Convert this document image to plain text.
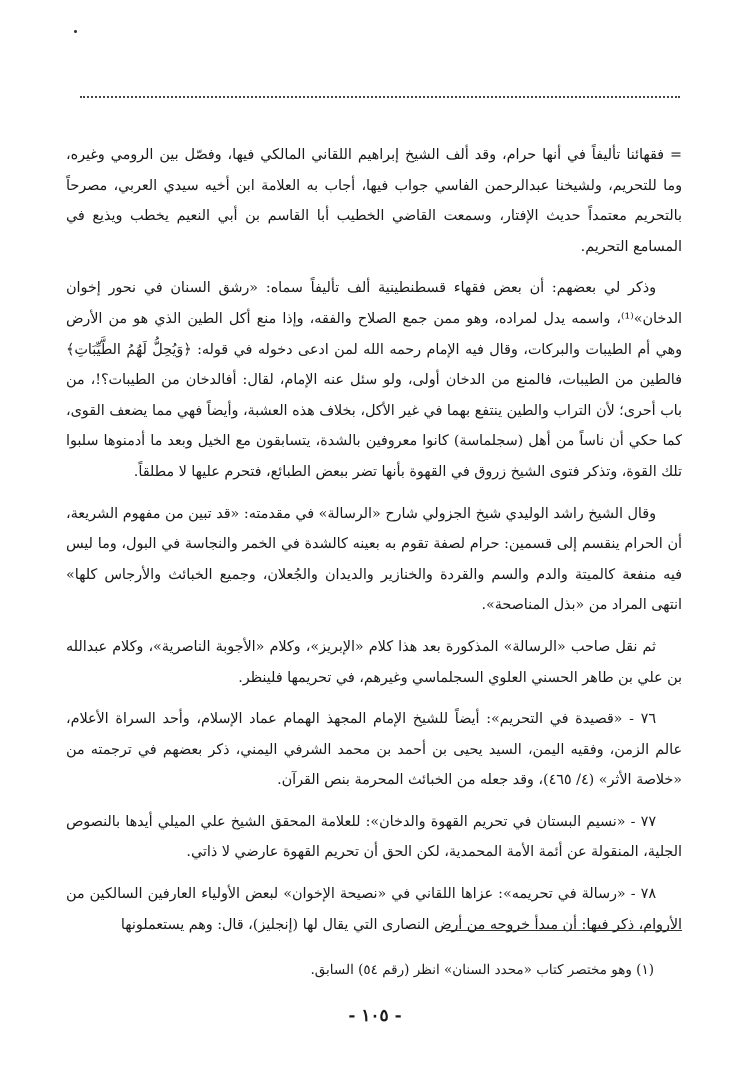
= فقهائنا تأليفاً في أنها حرام، وقد ألف الشيخ إبراهيم اللقاني المالكي فيها، وفصّل بين الرومي وغيره، وما للتحريم، ولشيخنا عبدالرحمن الفاسي جواب فيها، أجاب به العلامة ابن أخيه سيدي العربي، مصرحاً بالتحريم معتمداً حديث الإفتار، وسمعت القاضي الخطيب أبا القاسم بن أبي النعيم يخطب ويذيع في المسامع التحريم.

وذكر لي بعضهم: أن بعض فقهاء قسطنطينية ألف تأليفاً سماه: «رشق السنان في نحور إخوان الدخان»⁽¹⁾، واسمه يدل لمراده، وهو ممن جمع الصلاح والفقه، وإذا منع أكل الطين الذي هو من الأرض وهي أم الطيبات والبركات، وقال فيه الإمام رحمه الله لمن ادعى دخوله في قوله: ﴿وَيُحِلُّ لَهُمُ الطَّيِّبَاتِ﴾ فالطين من الطيبات، فالمنع من الدخان أولى، ولو سئل عنه الإمام، لقال: أفالدخان من الطيبات؟!، من باب أحرى؛ لأن التراب والطين ينتفع بهما في غير الأكل، بخلاف هذه العشبة، وأيضاً فهي مما يضعف القوى، كما حكي أن ناساً من أهل (سجلماسة) كانوا معروفين بالشدة، يتسابقون مع الخيل وبعد ما أدمنوها سلبوا تلك القوة، وتذكر فتوى الشيخ زروق في القهوة بأنها تضر ببعض الطبائع، فتحرم عليها لا مطلقاً.

وقال الشيخ راشد الوليدي شيخ الجزولي شارح «الرسالة» في مقدمته: «قد تبين من مفهوم الشريعة، أن الحرام ينقسم إلى قسمين: حرام لصفة تقوم به بعينه كالشدة في الخمر والنجاسة في البول، وما ليس فيه منفعة كالميتة والدم والسم والقردة والخنازير والديدان والجُعلان، وجميع الخبائث والأرجاس كلها» انتهى المراد من «بذل المناصحة».

ثم نقل صاحب «الرسالة» المذكورة بعد هذا كلام «الإبريز»، وكلام «الأجوبة الناصرية»، وكلام عبدالله بن علي بن طاهر الحسني العلوي السجلماسي وغيرهم، في تحريمها فلينظر.

٧٦ - «قصيدة في التحريم»: أيضاً للشيخ الإمام المجهذ الهمام عماد الإسلام، وأحد السراة الأعلام، عالم الزمن، وفقيه اليمن، السيد يحيى بن أحمد بن محمد الشرفي اليمني، ذكر بعضهم في ترجمته من «خلاصة الأثر» (٤/ ٤٦٥)، وقد جعله من الخبائث المحرمة بنص القرآن.

٧٧ - «نسيم البستان في تحريم القهوة والدخان»: للعلامة المحقق الشيخ علي الميلي أيدها بالنصوص الجلية، المنقولة عن أئمة الأمة المحمدية، لكن الحق أن تحريم القهوة عارضي لا ذاتي.

٧٨ - «رسالة في تحريمه»: عزاها اللقاني في «نصيحة الإخوان» لبعض الأولياء العارفين السالكين من الأروام، ذكر فيها: أن مبدأ خروجه من أرض النصارى التي يقال لها (إنجليز)، قال: وهم يستعملونها

(١) وهو مختصر كتاب «محدد السنان» انظر (رقم ٥٤) السابق.
- ١٠٥ -
